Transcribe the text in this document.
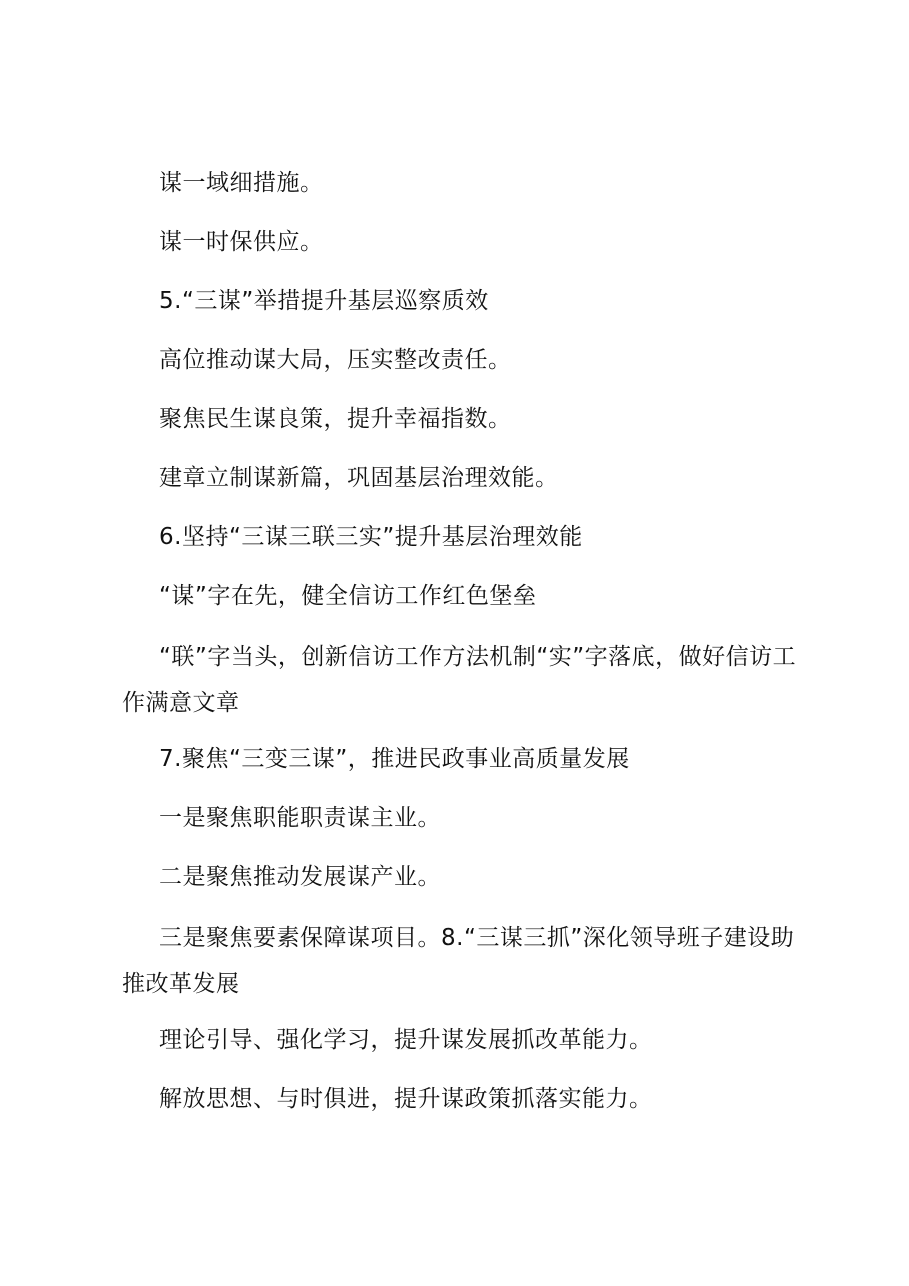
谋一域细措施。

谋一时保供应。

5.“三谋”举措提升基层巡察质效

高位推动谋大局，压实整改责任。

聚焦民生谋良策，提升幸福指数。

建章立制谋新篇，巩固基层治理效能。

6.坚持“三谋三联三实”提升基层治理效能

“谋”字在先，健全信访工作红色堡垒

“联”字当头，创新信访工作方法机制“实”字落底，做好信访工作满意文章

7.聚焦“三变三谋”，推进民政事业高质量发展

一是聚焦职能职责谋主业。

二是聚焦推动发展谋产业。

三是聚焦要素保障谋项目。8.“三谋三抓”深化领导班子建设助推改革发展

理论引导、强化学习，提升谋发展抓改革能力。

解放思想、与时俱进，提升谋政策抓落实能力。
